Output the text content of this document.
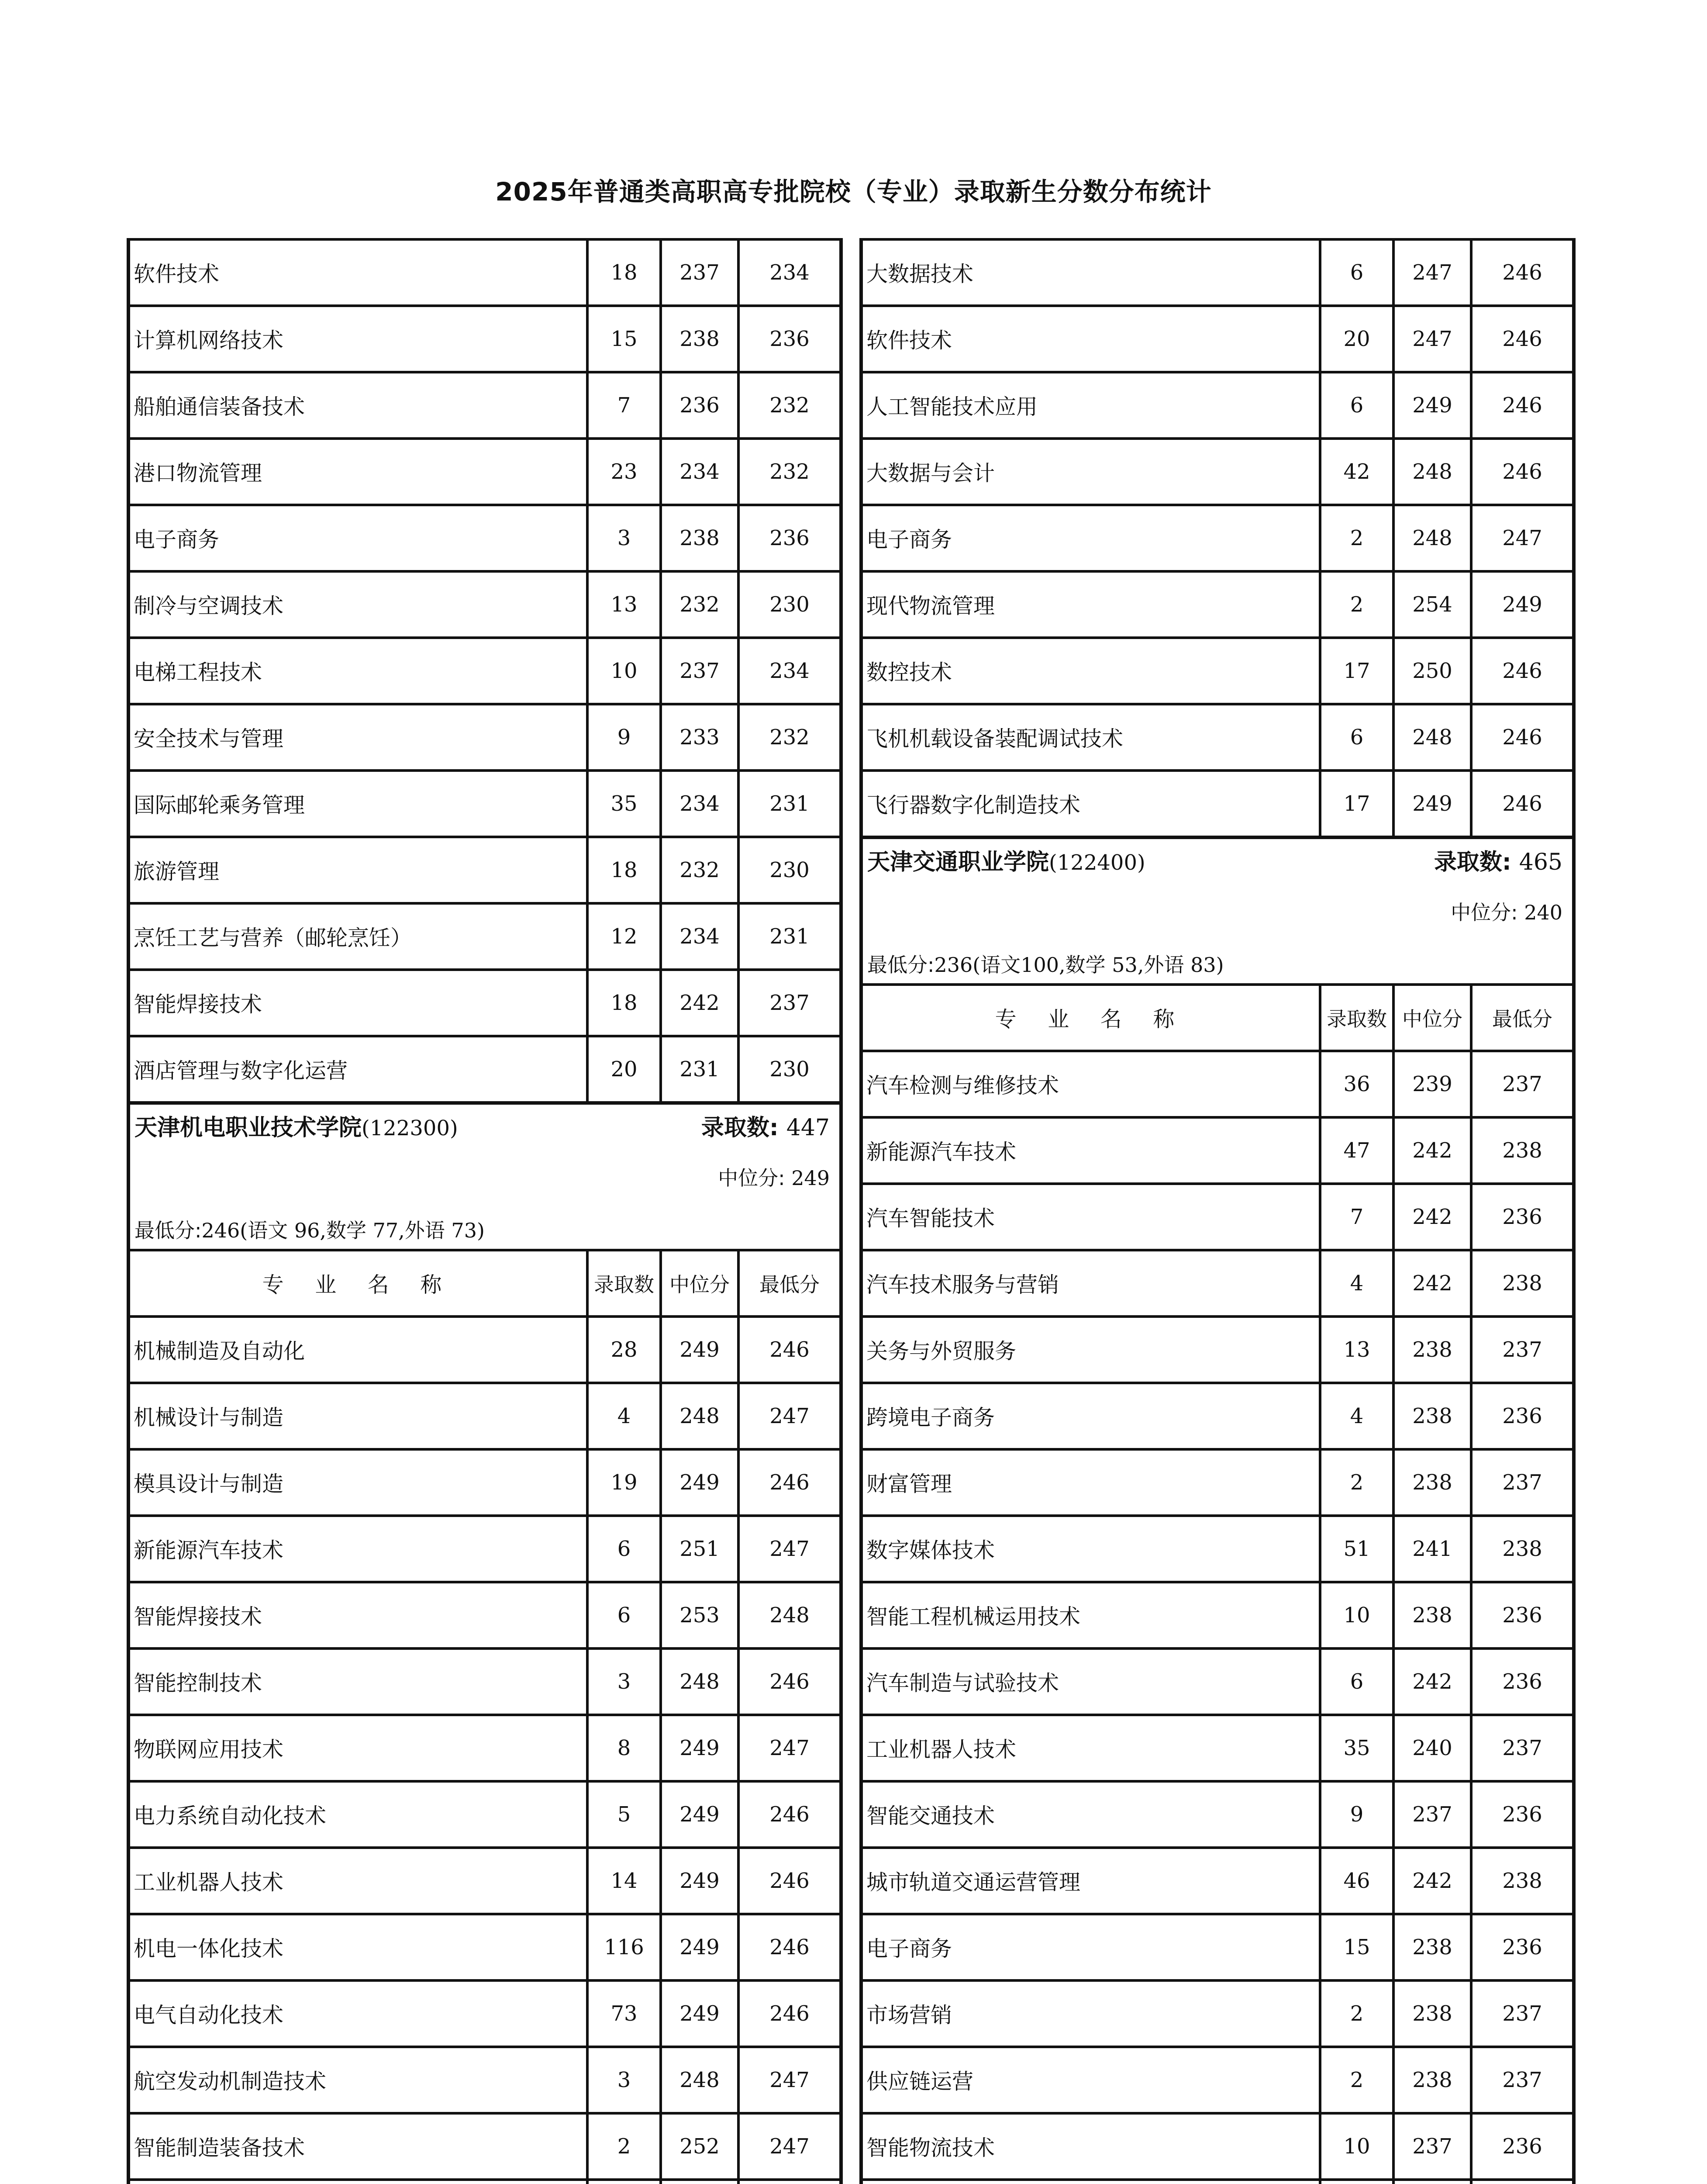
2025年普通类高职高专批院校（专业）录取新生分数分布统计
软件技术	18	237	234
计算机网络技术	15	238	236
船舶通信装备技术	7	236	232
港口物流管理	23	234	232
电子商务	3	238	236
制冷与空调技术	13	232	230
电梯工程技术	10	237	234
安全技术与管理	9	233	232
国际邮轮乘务管理	35	234	231
旅游管理	18	232	230
烹饪工艺与营养（邮轮烹饪）	12	234	231
智能焊接技术	18	242	237
酒店管理与数字化运营	20	231	230
天津机电职业技术学院(122300)	录取数: 447
中位分: 249
最低分:246(语文 96,数学 77,外语 73)
专 业 名 称	录取数 中位分	最低分
机械制造及自动化	28	249	246
机械设计与制造	4	248	247
模具设计与制造	19	249	246
新能源汽车技术	6	251	247
智能焊接技术	6	253	248
智能控制技术	3	248	246
物联网应用技术	8	249	247
电力系统自动化技术	5	249	246
工业机器人技术	14	249	246
机电一体化技术	116	249	246
电气自动化技术	73	249	246
航空发动机制造技术	3	248	247
智能制造装备技术	2	252	247
大数据技术	6	247	246
软件技术	20	247	246
人工智能技术应用	6	249	246
大数据与会计	42	248	246
电子商务	2	248	247
现代物流管理	2	254	249
数控技术	17	250	246
飞机机载设备装配调试技术	6	248	246
飞行器数字化制造技术	17	249	246
天津交通职业学院(122400)	录取数: 465
中位分: 240
最低分:236(语文100,数学 53,外语 83)
专 业 名 称	录取数 中位分	最低分
汽车检测与维修技术	36	239	237
新能源汽车技术	47	242	238
汽车智能技术	7	242	236
汽车技术服务与营销	4	242	238
关务与外贸服务	13	238	237
跨境电子商务	4	238	236
财富管理	2	238	237
数字媒体技术	51	241	238
智能工程机械运用技术	10	238	236
汽车制造与试验技术	6	242	236
工业机器人技术	35	240	237
智能交通技术	9	237	236
城市轨道交通运营管理	46	242	238
电子商务	15	238	236
市场营销	2	238	237
供应链运营	2	238	237
智能物流技术	10	237	236
